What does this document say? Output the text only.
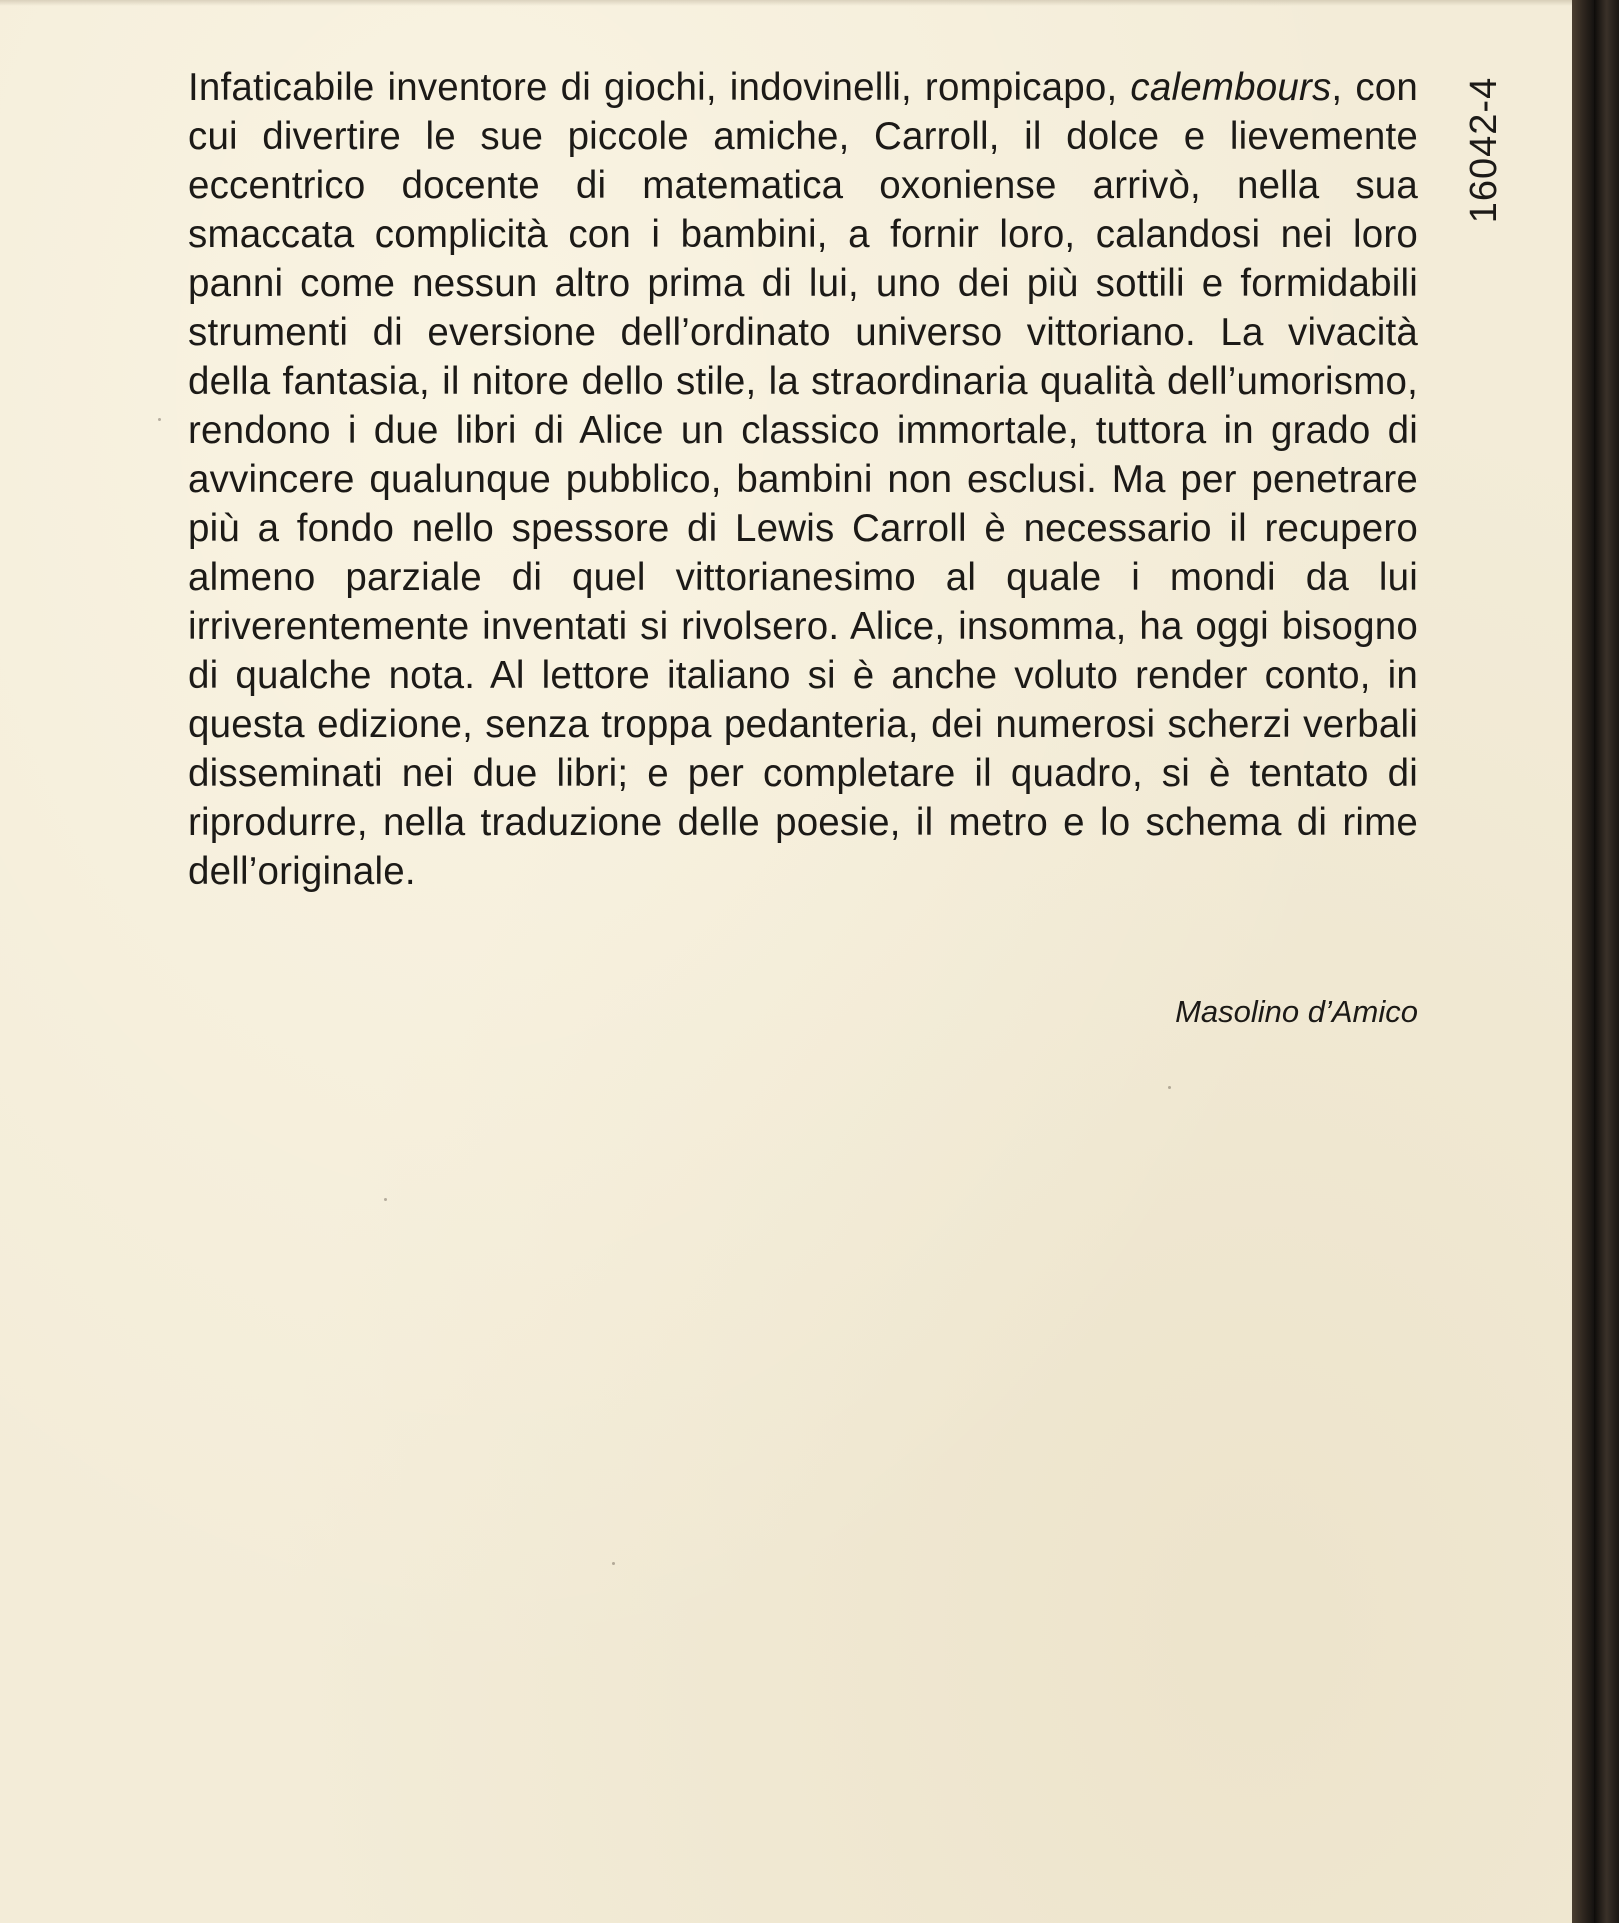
Infaticabile inventore di giochi, indovinelli, rompicapo, calembours, con cui divertire le sue piccole amiche, Carroll, il dolce e lievemente eccentrico docente di matematica oxoniense arrivò, nella sua smaccata complicità con i bambini, a fornir loro, calandosi nei loro panni come nessun altro prima di lui, uno dei più sottili e formidabili strumenti di eversione dell’ordinato universo vittoriano. La vivacità della fantasia, il nitore dello stile, la straordinaria qualità dell’umorismo, rendono i due libri di Alice un classico immortale, tuttora in grado di avvincere qualunque pubblico, bambini non esclusi. Ma per penetrare più a fondo nello spessore di Lewis Carroll è necessario il recupero almeno parziale di quel vittorianesimo al quale i mondi da lui irriverentemente inventati si rivolsero. Alice, insomma, ha oggi bisogno di qualche nota. Al lettore italiano si è anche voluto render conto, in questa edizione, senza troppa pedanteria, dei numerosi scherzi verbali disseminati nei due libri; e per completare il quadro, si è tentato di riprodurre, nella traduzione delle poesie, il metro e lo schema di rime dell’originale.

Masolino d’Amico

16042-4
